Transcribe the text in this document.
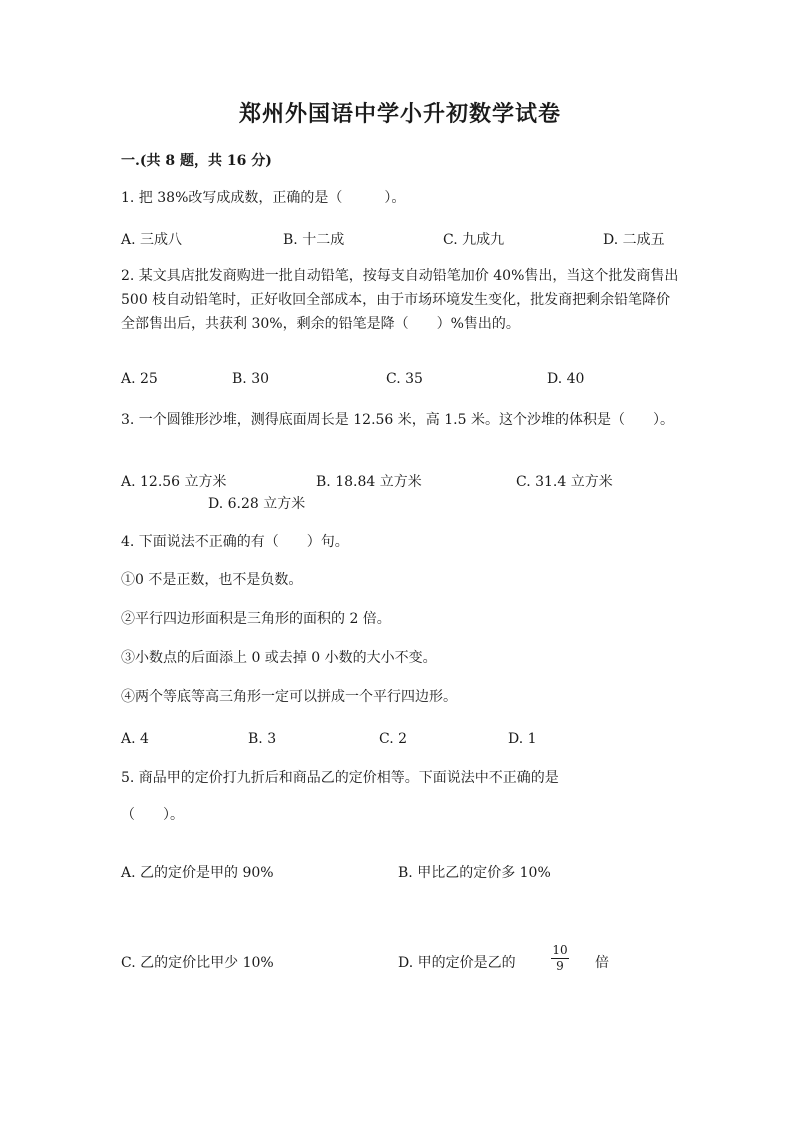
郑州外国语中学小升初数学试卷
一.(共 8 题，共 16 分)
1. 把 38%改写成成数，正确的是（　　　）。
A. 三成八	B. 十二成	C. 九成九	D. 二成五
2. 某文具店批发商购进一批自动铅笔，按每支自动铅笔加价 40%售出，当这个批发商售出 500 枝自动铅笔时，正好收回全部成本，由于市场环境发生变化，批发商把剩余铅笔降价全部售出后，共获利 30%，剩余的铅笔是降（　　）%售出的。
A. 25	B. 30	C. 35	D. 40
3. 一个圆锥形沙堆，测得底面周长是 12.56 米，高 1.5 米。这个沙堆的体积是（　　）。
A. 12.56 立方米	B. 18.84 立方米	C. 31.4 立方米
D. 6.28 立方米
4. 下面说法不正确的有（　　）句。
①0 不是正数，也不是负数。
②平行四边形面积是三角形的面积的 2 倍。
③小数点的后面添上 0 或去掉 0 小数的大小不变。
④两个等底等高三角形一定可以拼成一个平行四边形。
A. 4	B. 3	C. 2	D. 1
5. 商品甲的定价打九折后和商品乙的定价相等。下面说法中不正确的是
（　　）。
A. 乙的定价是甲的 90%	B. 甲比乙的定价多 10%
C. 乙的定价比甲少 10%	D. 甲的定价是乙的
10
9 倍
